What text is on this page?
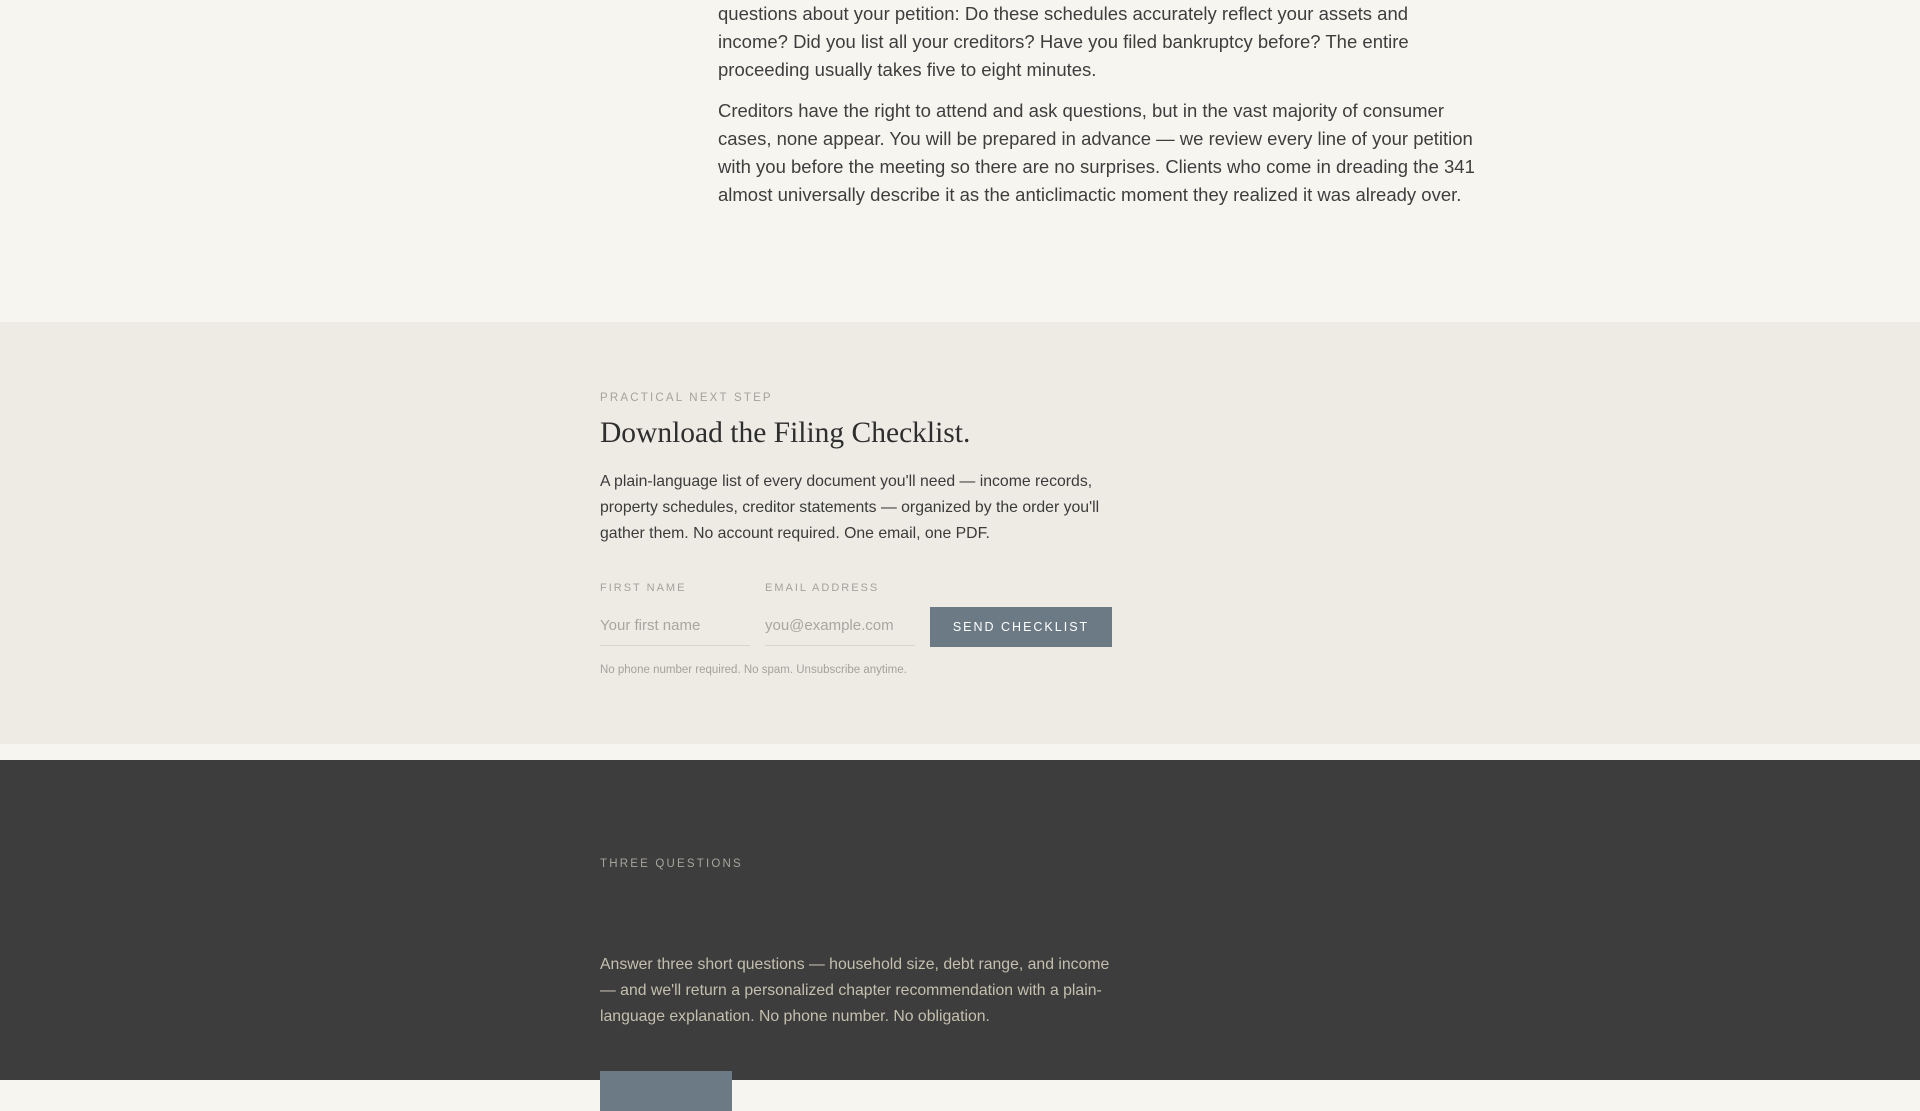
questions about your petition: Do these schedules accurately reflect your assets and income? Did you list all your creditors? Have you filed bankruptcy before? The entire proceeding usually takes five to eight minutes.

Creditors have the right to attend and ask questions, but in the vast majority of consumer cases, none appear. You will be prepared in advance — we review every line of your petition with you before the meeting so there are no surprises. Clients who come in dreading the 341 almost universally describe it as the anticlimactic moment they realized it was already over.

PRACTICAL NEXT STEP
Download the Filing Checklist.

A plain-language list of every document you'll need — income records, property schedules, creditor statements — organized by the order you'll gather them. No account required. One email, one PDF.

FIRST NAME
Your first name	EMAIL ADDRESS
you@example.com
SEND CHECKLIST
No phone number required. No spam. Unsubscribe anytime.
THREE QUESTIONS

Answer three short questions — household size, debt range, and income — and we'll return a personalized chapter recommendation with a plain-language explanation. No phone number. No obligation.
